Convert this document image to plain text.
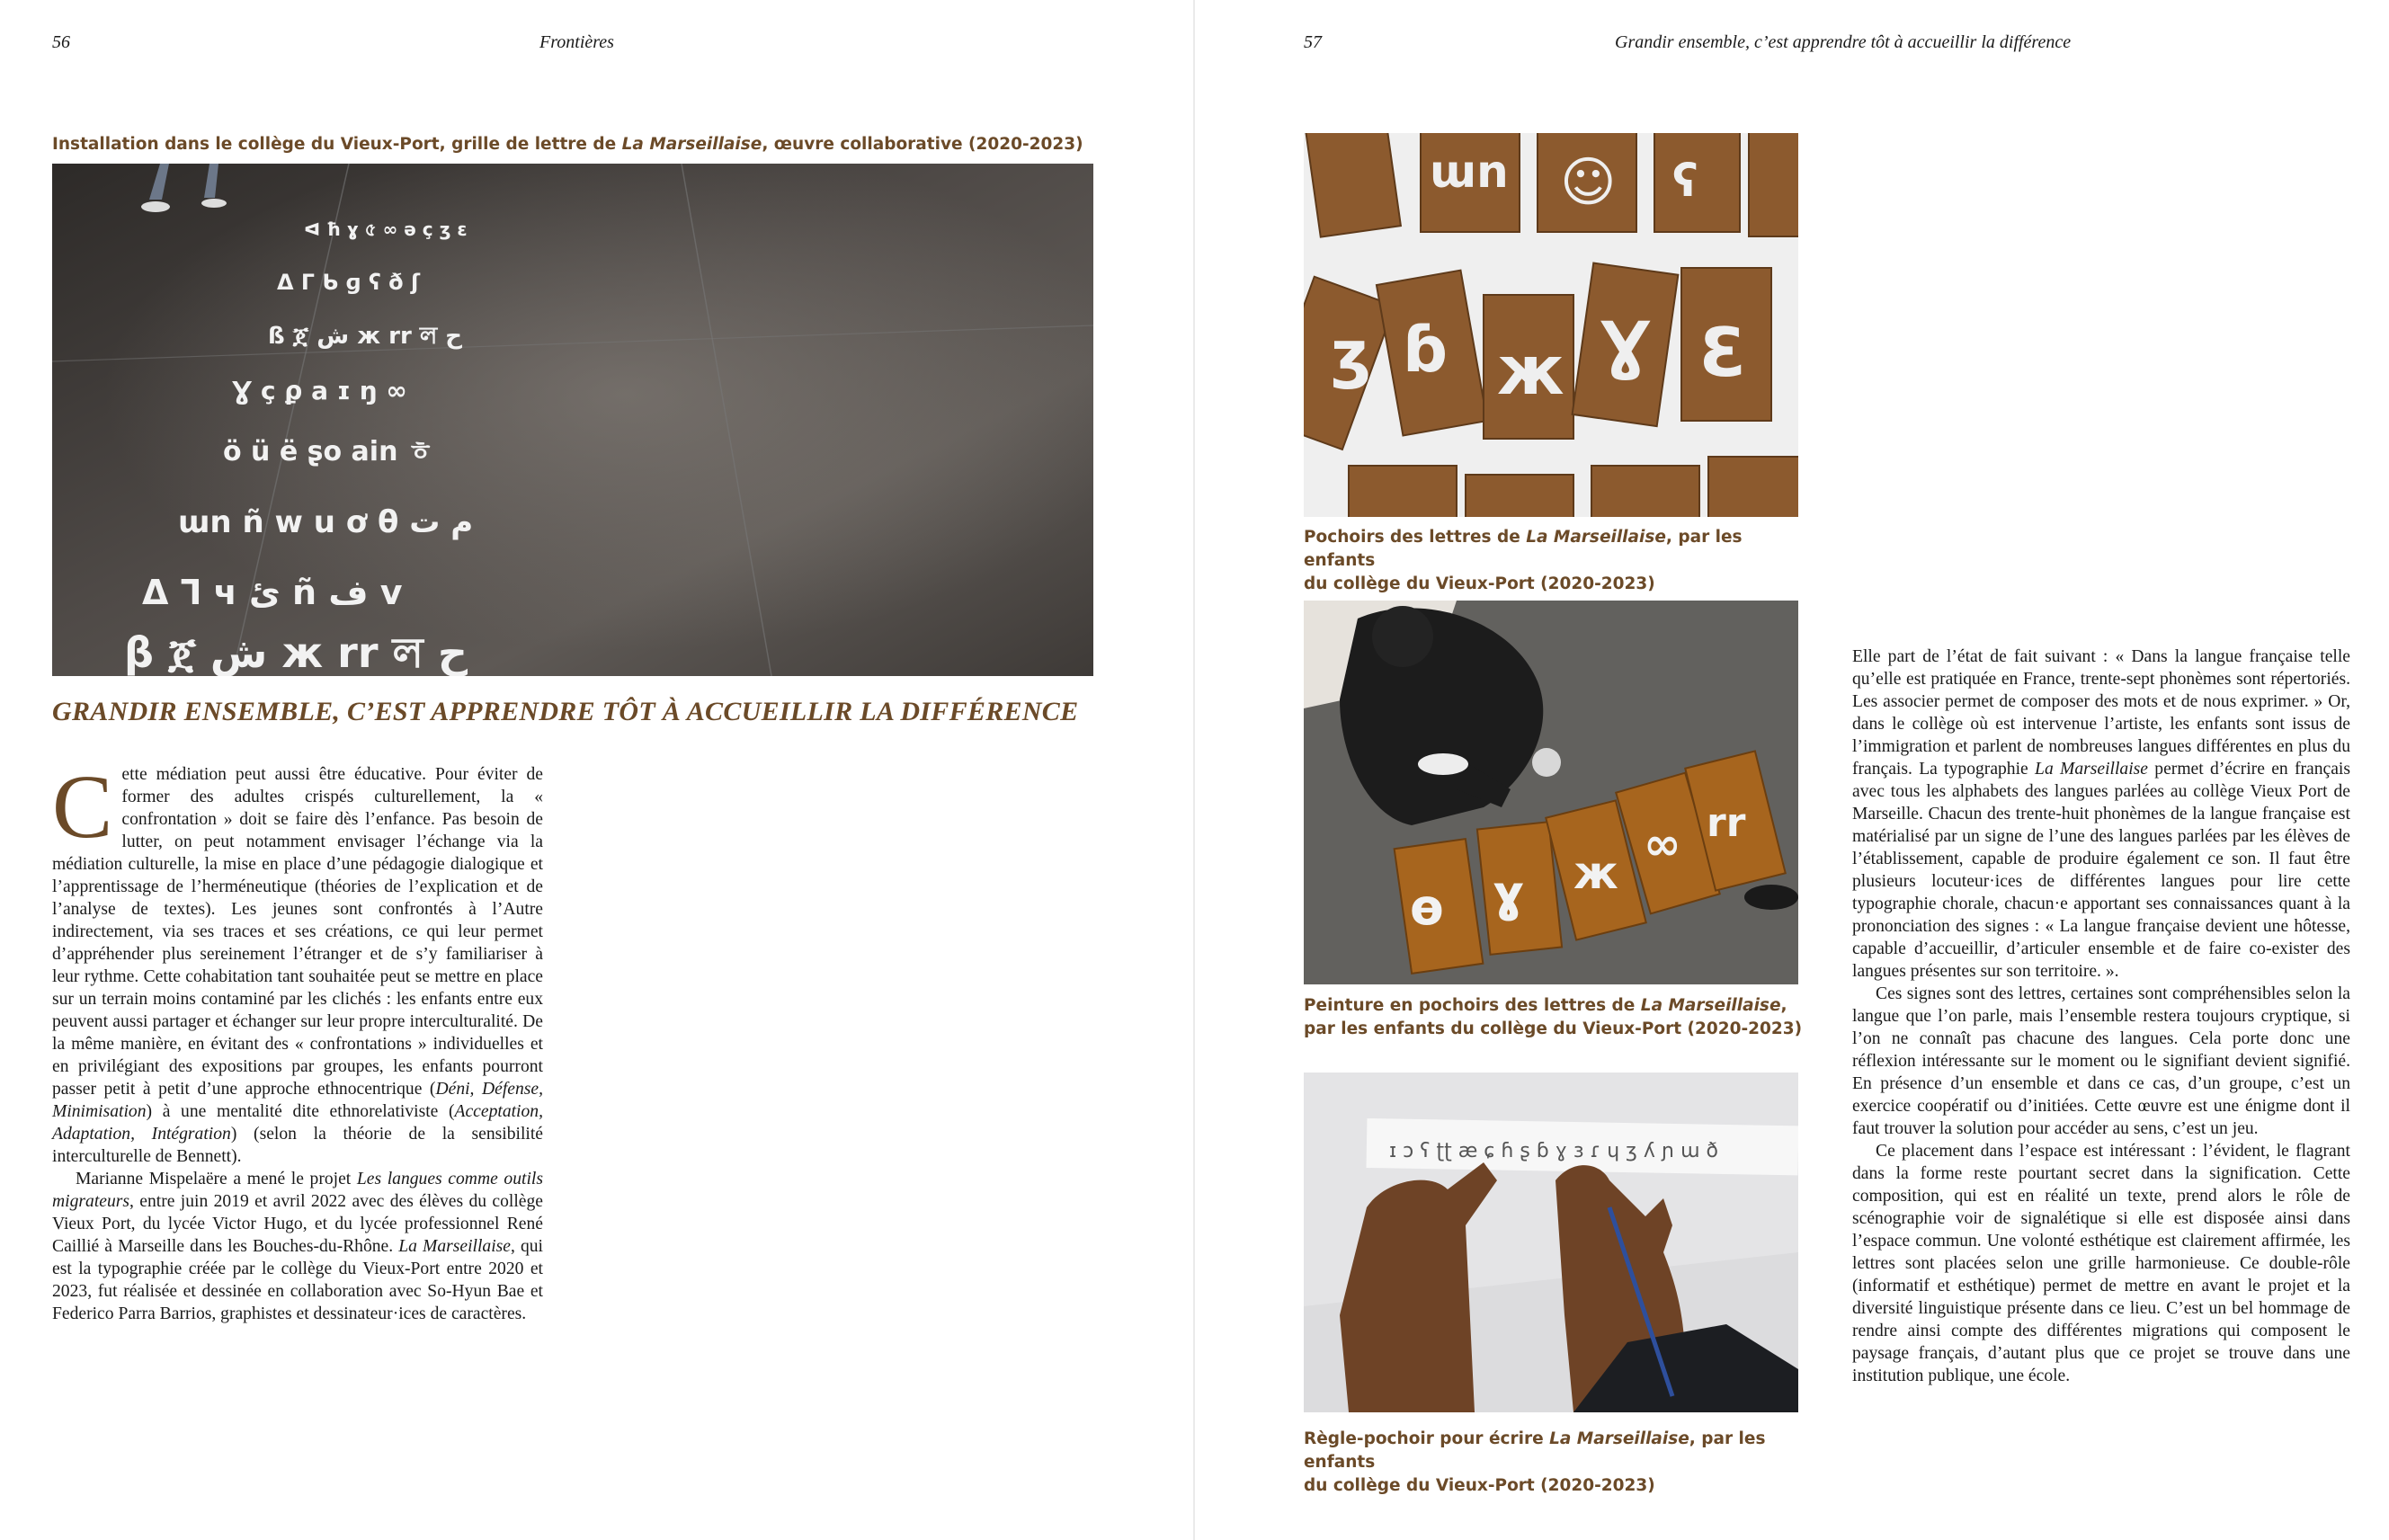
56	Frontières
Installation dans le collège du Vieux-Port, grille de lettre de La Marseillaise, œuvre collaborative (2020-2023)
ᐊ ħ ɣ ৫ ∞ ǝ ç ʒ ɛ
ᐃ ᒥ ᑲ ɡ ʕ ð ʃ
ß ጀ ش ж rr ল ح
Ɣ ç ϼ a ɪ ŋ ∞
ö ü ë ʂo ain ㅎ
ɯn ñ w u ơ θ م ت
ᐃ ᒣ ч ئ ñ ف v
β ጀ ش ж rr ল ح
GRANDIR ENSEMBLE, C’EST APPRENDRE TÔT À ACCUEILLIR LA DIFFÉRENCE

Cette médiation peut aussi être éducative. Pour éviter de former des adultes crispés culturellement, la « confrontation » doit se faire dès l’enfance. Pas besoin de lutter, on peut notamment envisager l’échange via la médiation culturelle, la mise en place d’une pédagogie dialogique et l’apprentissage de l’herméneutique (théories de l’explication et de l’analyse de textes). Les jeunes sont confrontés à l’Autre indirectement, via ses traces et ses créations, ce qui leur permet d’appréhender plus sereinement l’étranger et de s’y familiariser à leur rythme. Cette cohabitation tant souhaitée peut se mettre en place sur un terrain moins contaminé par les clichés : les enfants entre eux peuvent aussi partager et échanger sur leur propre interculturalité. De la même manière, en évitant des « confrontations » individuelles et en privilégiant des expositions par groupes, les enfants pourront passer petit à petit d’une approche ethnocentrique (Déni, Défense, Minimisation) à une mentalité dite ethnorelativiste (Acceptation, Adaptation, Intégration) (selon la théorie de la sensibilité interculturelle de Bennett).

Marianne Mispelaëre a mené le projet Les langues comme outils migrateurs, entre juin 2019 et avril 2022 avec des élèves du collège Vieux Port, du lycée Victor Hugo, et du lycée professionnel René Caillié à Marseille dans les Bouches-du-Rhône. La Marseillaise, qui est la typographie créée par le collège du Vieux-Port entre 2020 et 2023, fut réalisée et dessinée en collaboration avec So-Hyun Bae et Federico Parra Barrios, graphistes et dessinateur·ices de caractères.

57	Grandir ensemble, c’est apprendre tôt à accueillir la différence
ɯn ☺ ʕ
ʒ ɓ ж Ɣ Ɛ
Pochoirs des lettres de La Marseillaise, par les enfants
du collège du Vieux-Port (2020-2023)
ɵ ɣ ж
∞ rr
Peinture en pochoirs des lettres de La Marseillaise,
par les enfants du collège du Vieux-Port (2020-2023)
ɪ ɔ ʕ ʈʈ æ ɕ ɦ ʂ ɓ ɣ ɜ ɾ ɥ ʒ ʎ ɲ ɯ ð
Règle-pochoir pour écrire La Marseillaise, par les enfants
du collège du Vieux-Port (2020-2023)

Elle part de l’état de fait suivant : « Dans la langue française telle qu’elle est pratiquée en France, trente-sept phonèmes sont répertoriés. Les associer permet de composer des mots et de nous exprimer. » Or, dans le collège où est intervenue l’artiste, les enfants sont issus de l’immigration et parlent de nombreuses langues différentes en plus du français. La typographie La Marseillaise permet d’écrire en français avec tous les alphabets des langues parlées au collège Vieux Port de Marseille. Chacun des trente-huit phonèmes de la langue française est matérialisé par un signe de l’une des langues parlées par les élèves de l’établissement, capable de produire également ce son. Il faut être plusieurs locuteur·ices de différentes langues pour lire cette typographie chorale, chacun·e apportant ses connaissances quant à la prononciation des signes : « La langue française devient une hôtesse, capable d’accueillir, d’articuler ensemble et de faire co-exister des langues présentes sur son territoire. ».

Ces signes sont des lettres, certaines sont compréhensibles selon la langue que l’on parle, mais l’ensemble restera toujours cryptique, si l’on ne connaît pas chacune des langues. Cela porte donc une réflexion intéressante sur le moment ou le signifiant devient signifié. En présence d’un ensemble et dans ce cas, d’un groupe, c’est un exercice coopératif ou d’initiées. Cette œuvre est une énigme dont il faut trouver la solution pour accéder au sens, c’est un jeu.

Ce placement dans l’espace est intéressant : l’évident, le flagrant dans la forme reste pourtant secret dans la signification. Cette composition, qui est en réalité un texte, prend alors le rôle de scénographie voir de signalétique si elle est disposée ainsi dans l’espace commun. Une volonté esthétique est clairement affirmée, les lettres sont placées selon une grille harmonieuse. Ce double-rôle (informatif et esthétique) permet de mettre en avant le projet et la diversité linguistique présente dans ce lieu. C’est un bel hommage de rendre ainsi compte des différentes migrations qui composent le paysage français, d’autant plus que ce projet se trouve dans une institution publique, une école.
